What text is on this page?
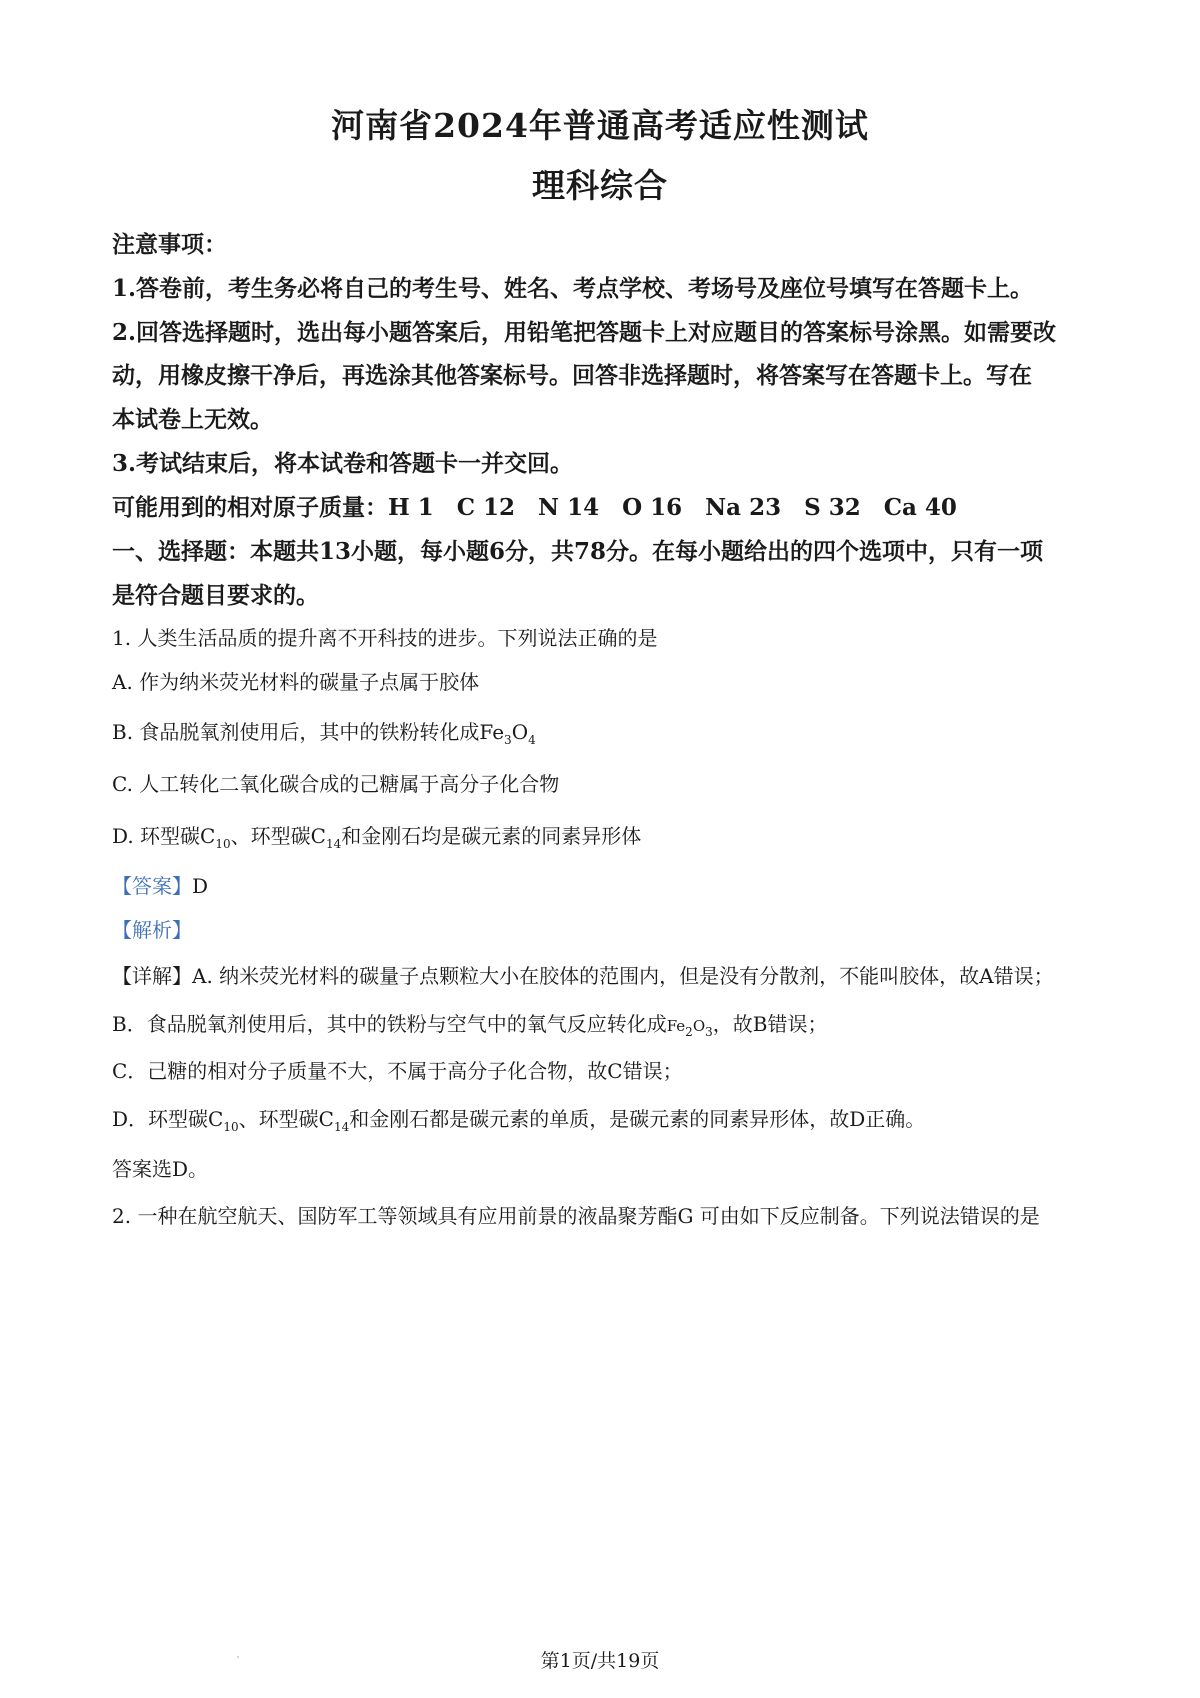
河南省2024年普通高考适应性测试
理科综合
注意事项：
1.答卷前，考生务必将自己的考生号、姓名、考点学校、考场号及座位号填写在答题卡上。
2.回答选择题时，选出每小题答案后，用铅笔把答题卡上对应题目的答案标号涂黑。如需要改
动，用橡皮擦干净后，再选涂其他答案标号。回答非选择题时，将答案写在答题卡上。写在
本试卷上无效。
3.考试结束后，将本试卷和答题卡一并交回。
可能用到的相对原子质量：H 1　C 12　N 14　O 16　Na 23　S 32　Ca 40
一、选择题：本题共13小题，每小题6分，共78分。在每小题给出的四个选项中，只有一项
是符合题目要求的。
1. 人类生活品质的提升离不开科技的进步。下列说法正确的是
A. 作为纳米荧光材料的碳量子点属于胶体
B. 食品脱氧剂使用后，其中的铁粉转化成$Fe_3O_4$
C. 人工转化二氧化碳合成的己糖属于高分子化合物
D. 环型碳$C_{10}$、环型碳$C_{14}$和金刚石均是碳元素的同素异形体
【答案】D
【解析】
【详解】A. 纳米荧光材料的碳量子点颗粒大小在胶体的范围内，但是没有分散剂，不能叫胶体，故A错误；
B．食品脱氧剂使用后，其中的铁粉与空气中的氧气反应转化成$Fe_2O_3$，故B错误；
C．己糖的相对分子质量不大，不属于高分子化合物，故C错误；
D．环型碳$C_{10}$、环型碳$C_{14}$和金刚石都是碳元素的单质，是碳元素的同素异形体，故D正确。
答案选D。
2. 一种在航空航天、国防军工等领域具有应用前景的液晶聚芳酯G 可由如下反应制备。下列说法错误的是
第1页/共19页
